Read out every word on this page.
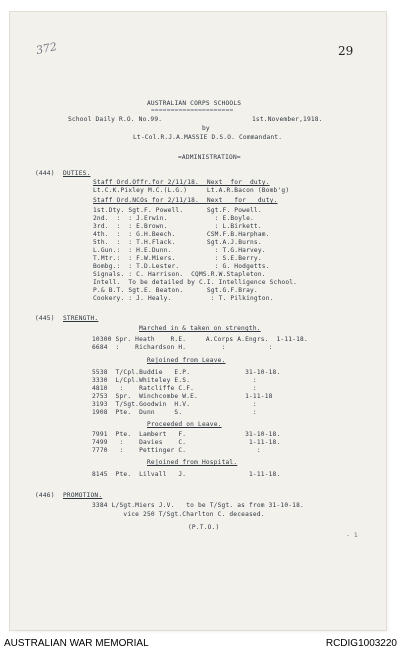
372	29
AUSTRALIAN CORPS SCHOOLS
=====================
School Daily R.O. No.99.	1st.November,1918.
by
Lt-Col.R.J.A.MASSIE D.S.O. Commandant.
=ADMINISTRATION=
(444) DUTIES.
Staff Ord.Offr.for 2/11/18.  Next  for  duty.
Lt.C.K.Pixley M.C.(L.G.)     Lt.A.R.Bacon (Bomb'g)
Staff Ord.NCOs for 2/11/18.  Next   for   duty.
1st.Dty. Sgt.F. Powell.      Sgt.F. Powell.
2nd.  :  : J.Erwin.            : E.Boyle.
3rd.  :  : E.Brown.            : L.Birkett.
4th.  :  : G.H.Beech.        CSM.F.B.Harpham.
5th.  :  : T.H.Flack.        Sgt.A.J.Burns.
L.Gun.:  : H.E.Dunn.           : T.G.Harvey.
T.Mtr.:  : F.W.Miers.          : S.E.Berry.
Bombg.:  : T.D.Lester.         : G. Hodgetts.
Signals. : C. Harrison.  CQMS.R.W.Stapleton.
Intell.  To be detailed by C.I. Intelligence School.
P.& B.T. Sgt.E. Beaton.      Sgt.G.F.Bray.
Cookery. : J. Healy.          : T. Pilkington.
(445) STRENGTH.
Marched in & taken on strength.
10300 Spr. Heath    R.E.     A.Corps A.Engrs.  1-11-18.
6684  :    Richardson H.         :           :
Rejoined from Leave.
5538  T/Cpl.Buddie   E.P.              31-10-18.
3330  L/Cpl.Whiteley E.S.                :
4810   :    Ratcliffe C.F.               :
2753  Spr.  Winchcombe W.E.            1-11-18
3193  T/Sgt.Goodwin  H.V.                :
1908  Pte.  Dunn     S.                  :
Proceeded on Leave.
7991  Pte.  Lambert   F.               31-10-18.
7499   :    Davies    C.                1-11-18.
7770   :    Pettinger C.                  :
Rejoined from Hospital.
8145  Pte.  Lilvall   J.                1-11-18.
(446) PROMOTION.
3384 L/Sgt.Miers J.V.   to be T/Sgt. as from 31-10-18.
vice 250 T/Sgt.Charlton C. deceased.
(P.T.O.)
- 1
AUSTRALIAN WAR MEMORIAL	RCDIG1003220
